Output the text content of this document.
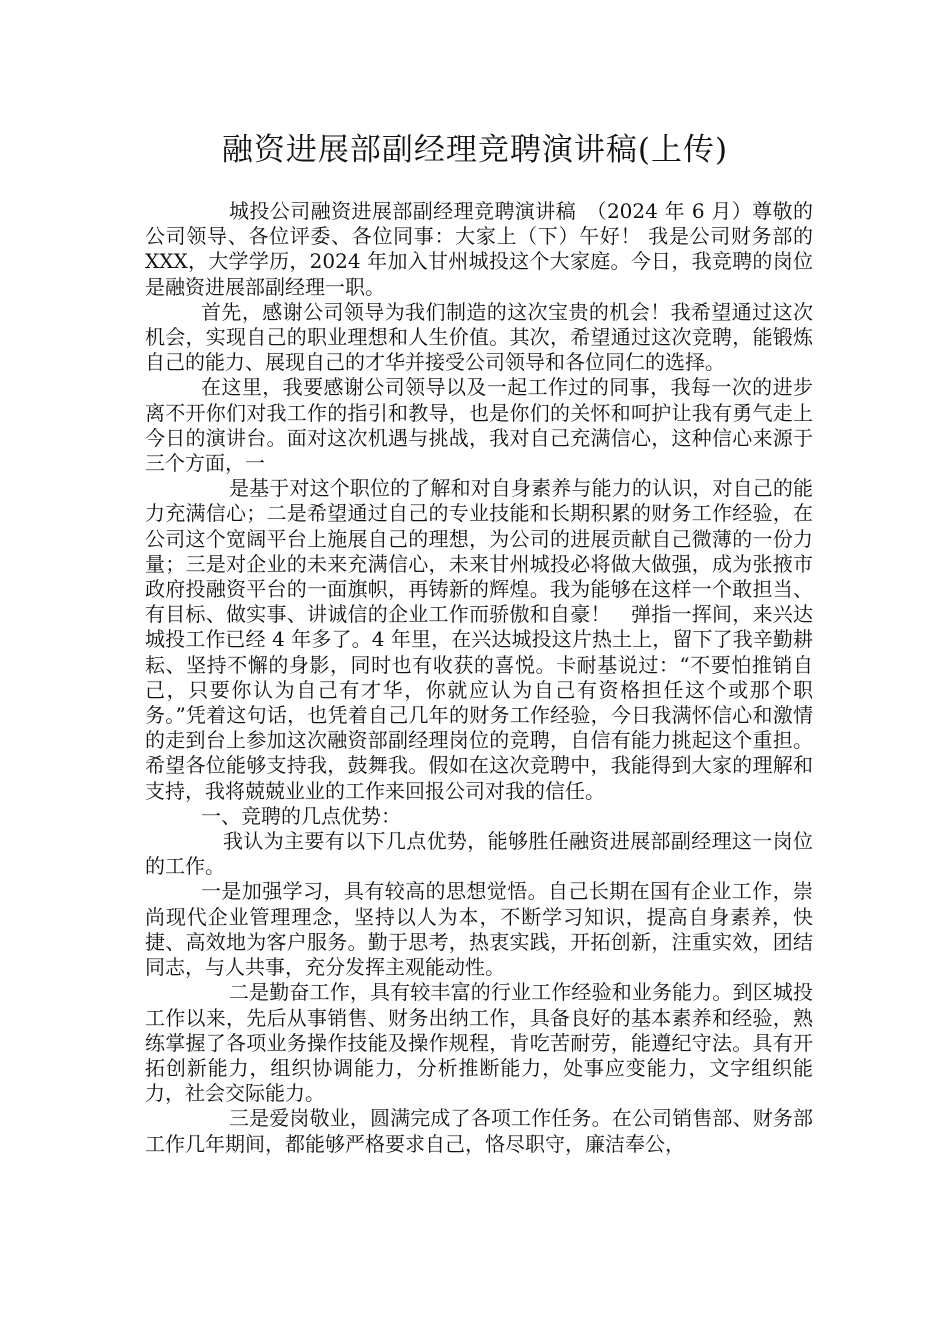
融资进展部副经理竞聘演讲稿(上传)

城投公司融资进展部副经理竞聘演讲稿　（2024 年 6 月）尊敬的公司领导、各位评委、各位同事：大家上（下）午好！ 我是公司财务部的 XXX，大学学历，2024 年加入甘州城投这个大家庭。今日，我竞聘的岗位是融资进展部副经理一职。

首先，感谢公司领导为我们制造的这次宝贵的机会！我希望通过这次机会，实现自己的职业理想和人生价值。其次，希望通过这次竞聘，能锻炼自己的能力、展现自己的才华并接受公司领导和各位同仁的选择。

在这里，我要感谢公司领导以及一起工作过的同事，我每一次的进步离不开你们对我工作的指引和教导，也是你们的关怀和呵护让我有勇气走上今日的演讲台。面对这次机遇与挑战，我对自己充满信心，这种信心来源于三个方面，一

是基于对这个职位的了解和对自身素养与能力的认识，对自己的能力充满信心；二是希望通过自己的专业技能和长期积累的财务工作经验，在公司这个宽阔平台上施展自己的理想，为公司的进展贡献自己微薄的一份力量；三是对企业的未来充满信心，未来甘州城投必将做大做强，成为张掖市政府投融资平台的一面旗帜，再铸新的辉煌。我为能够在这样一个敢担当、有目标、做实事、讲诚信的企业工作而骄傲和自豪！　弹指一挥间，来兴达城投工作已经 4 年多了。4 年里，在兴达城投这片热土上，留下了我辛勤耕耘、坚持不懈的身影，同时也有收获的喜悦。卡耐基说过：“不要怕推销自己，只要你认为自己有才华，你就应认为自己有资格担任这个或那个职务。”凭着这句话，也凭着自己几年的财务工作经验，今日我满怀信心和激情的走到台上参加这次融资部副经理岗位的竞聘，自信有能力挑起这个重担。希望各位能够支持我，鼓舞我。假如在这次竞聘中，我能得到大家的理解和支持，我将兢兢业业的工作来回报公司对我的信任。

一、竞聘的几点优势：

我认为主要有以下几点优势，能够胜任融资进展部副经理这一岗位的工作。

一是加强学习，具有较高的思想觉悟。自己长期在国有企业工作，崇尚现代企业管理理念，坚持以人为本，不断学习知识，提高自身素养，快捷、高效地为客户服务。勤于思考，热衷实践，开拓创新，注重实效，团结同志，与人共事，充分发挥主观能动性。

二是勤奋工作，具有较丰富的行业工作经验和业务能力。到区城投工作以来，先后从事销售、财务出纳工作，具备良好的基本素养和经验，熟练掌握了各项业务操作技能及操作规程，肯吃苦耐劳，能遵纪守法。具有开拓创新能力，组织协调能力，分析推断能力，处事应变能力，文字组织能力，社会交际能力。

三是爱岗敬业，圆满完成了各项工作任务。在公司销售部、财务部工作几年期间，都能够严格要求自己，恪尽职守，廉洁奉公，
